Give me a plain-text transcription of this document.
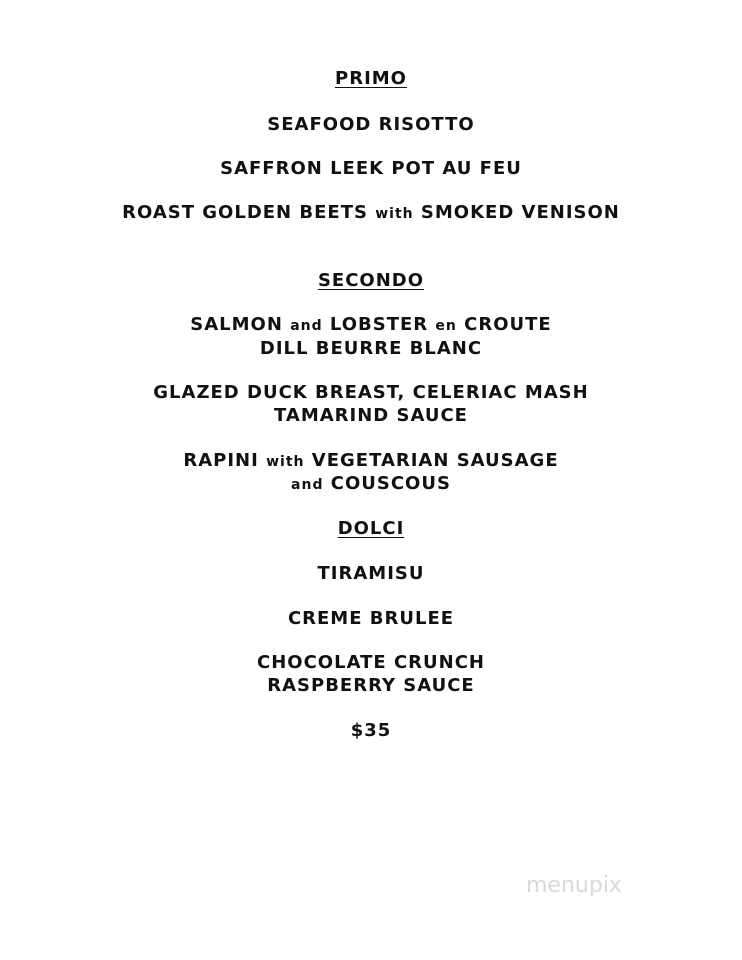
PRIMO
SEAFOOD RISOTTO
SAFFRON LEEK POT AU FEU
ROAST GOLDEN BEETS with SMOKED VENISON
SECONDO
SALMON and LOBSTER en CROUTE
DILL BEURRE BLANC
GLAZED DUCK BREAST, CELERIAC MASH
TAMARIND SAUCE
RAPINI with VEGETARIAN SAUSAGE
and COUSCOUS
DOLCI
TIRAMISU
CREME BRULEE
CHOCOLATE CRUNCH
RASPBERRY SAUCE
$35
menupix
